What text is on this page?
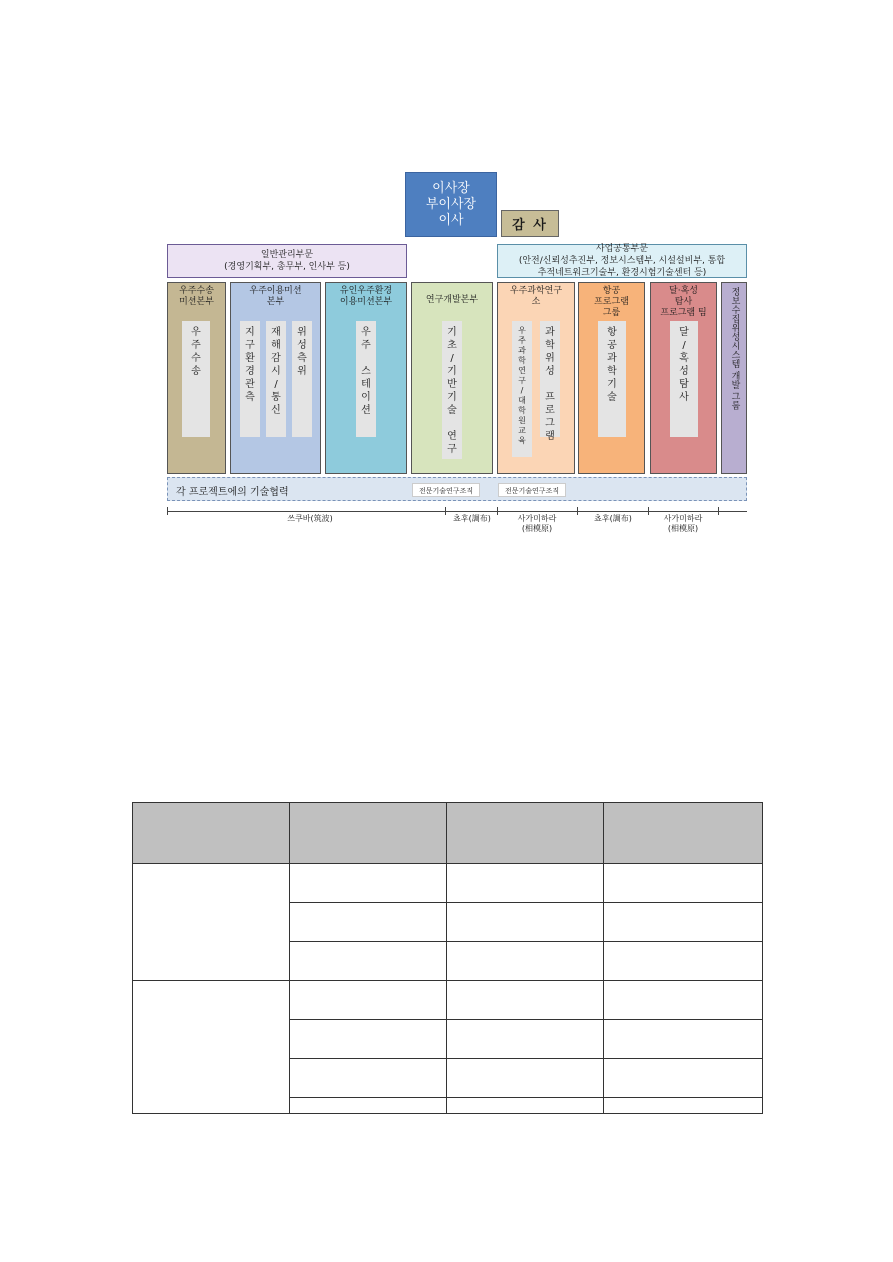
이사장
부이사장
이사	감 사
일반관리부문
(경영기획부, 총무부, 인사부 등)
사업공통부문
(안전/신뢰성추진부, 정보시스템부, 시설설비부, 통합
추적네트워크기술부, 환경시험기술센터 등)
우주수송
미션본부
우
주
수
송
우주이용미션
본부
지
구
환
경
관
측
재
해
감
시
/
통
신
위
성
측
위
유인우주환경
이용미션본부
우
주

스
테
이
션
연구개발본부
기
초
/
기
반
기
술

연
구
우주과학연구
소
우
주
과
학
연
구
/
대
학
원
교
육
과
학
위
성

프
로
그
램
항공
프로그램
그룹
항
공
과
학
기
술
달·혹성
탐사
프로그램 팀
달
/
혹
성
탐
사	정보수집위성시스템 개발 그룹
각 프로젝트에의 기술협력	전문기술연구조직	전문기술연구조직
쓰쿠바(筑波)	쵸후(調布)	사가미하라
(相模原)
쵸후(調布)	사가미하라
(相模原)
